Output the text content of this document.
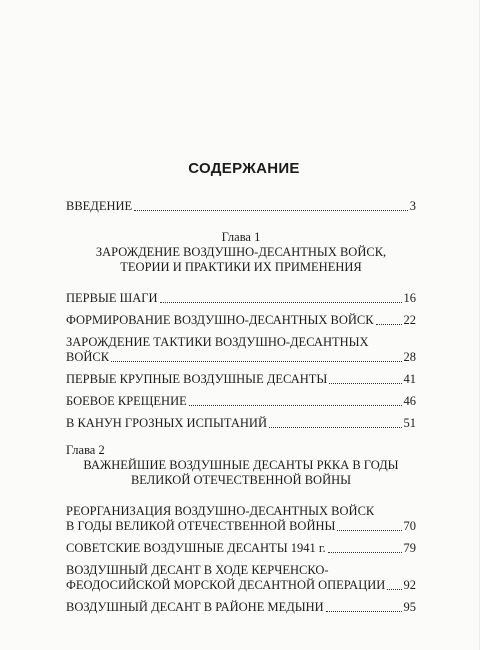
СОДЕРЖАНИЕ
ВВЕДЕНИЕ	3
Глава 1
ЗАРОЖДЕНИЕ ВОЗДУШНО-ДЕСАНТНЫХ ВОЙСК,
ТЕОРИИ И ПРАКТИКИ ИХ ПРИМЕНЕНИЯ
ПЕРВЫЕ ШАГИ	16
ФОРМИРОВАНИЕ ВОЗДУШНО-ДЕСАНТНЫХ ВОЙСК 22
ЗАРОЖДЕНИЕ ТАКТИКИ ВОЗДУШНО-ДЕСАНТНЫХ
ВОЙСК	28
ПЕРВЫЕ КРУПНЫЕ ВОЗДУШНЫЕ ДЕСАНТЫ	41
БОЕВОЕ КРЕЩЕНИЕ	46
В КАНУН ГРОЗНЫХ ИСПЫТАНИЙ	51
Глава 2
ВАЖНЕЙШИЕ ВОЗДУШНЫЕ ДЕСАНТЫ РККА В ГОДЫ
ВЕЛИКОЙ ОТЕЧЕСТВЕННОЙ ВОЙНЫ
РЕОРГАНИЗАЦИЯ ВОЗДУШНО-ДЕСАНТНЫХ ВОЙСК
В ГОДЫ ВЕЛИКОЙ ОТЕЧЕСТВЕННОЙ ВОЙНЫ	70
СОВЕТСКИЕ ВОЗДУШНЫЕ ДЕСАНТЫ 1941 г.	79
ВОЗДУШНЫЙ ДЕСАНТ В ХОДЕ КЕРЧЕНСКО-
ФЕОДОСИЙСКОЙ МОРСКОЙ ДЕСАНТНОЙ ОПЕРАЦИИ 92
ВОЗДУШНЫЙ ДЕСАНТ В РАЙОНЕ МЕДЫНИ	95
